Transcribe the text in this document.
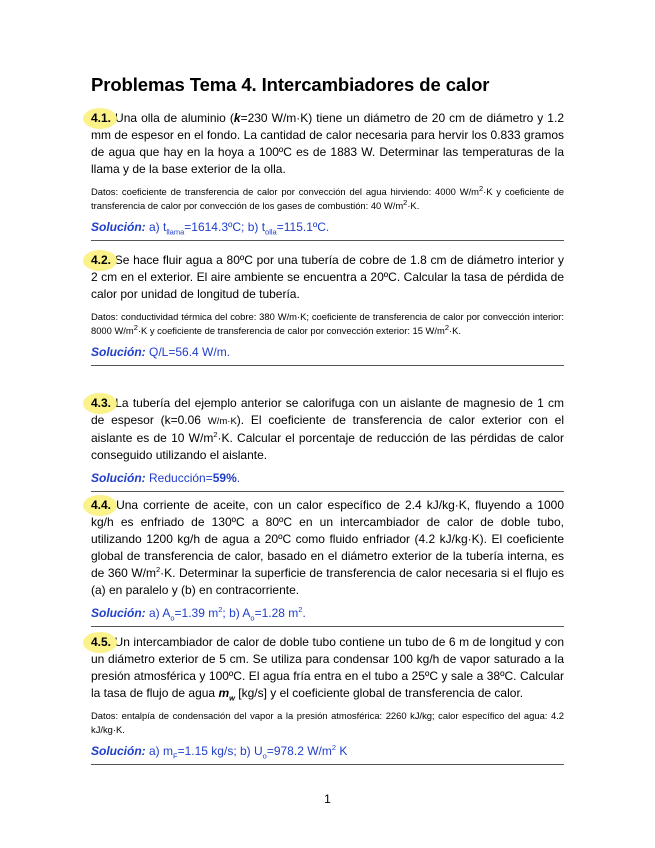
Problemas Tema 4. Intercambiadores de calor

4.1. Una olla de aluminio (k=230 W/m·K) tiene un diámetro de 20 cm de diámetro y 1.2 mm de espesor en el fondo. La cantidad de calor necesaria para hervir los 0.833 gramos de agua que hay en la hoya a 100ºC es de 1883 W. Determinar las temperaturas de la llama y de la base exterior de la olla.

Datos: coeficiente de transferencia de calor por convección del agua hirviendo: 4000 $W/m^2\cdot K$ y coeficiente de transferencia de calor por convección de los gases de combustión: 40 $W/m^2\cdot K$.

Solución: a) $t_{llama}=1614.3ºC$; b) $t_{olla}=115.1ºC$.

4.2. Se hace fluir agua a 80ºC por una tubería de cobre de 1.8 cm de diámetro interior y 2 cm en el exterior. El aire ambiente se encuentra a 20ºC. Calcular la tasa de pérdida de calor por unidad de longitud de tubería.

Datos: conductividad térmica del cobre: 380 W/m·K; coeficiente de transferencia de calor por convección interior: 8000 $W/m^2\cdot K$ y coeficiente de transferencia de calor por convección exterior: 15 $W/m^2\cdot K$.

Solución: Q/L=56.4 W/m.

4.3. La tubería del ejemplo anterior se calorifuga con un aislante de magnesio de 1 cm de espesor (k=0.06 W/m·K). El coeficiente de transferencia de calor exterior con el aislante es de 10 $W/m^2\cdot K$. Calcular el porcentaje de reducción de las pérdidas de calor conseguido utilizando el aislante.

Solución: Reducción=59%.

4.4. Una corriente de aceite, con un calor específico de 2.4 kJ/kg·K, fluyendo a 1000 kg/h es enfriado de 130ºC a 80ºC en un intercambiador de calor de doble tubo, utilizando 1200 kg/h de agua a 20ºC como fluido enfriador (4.2 kJ/kg·K). El coeficiente global de transferencia de calor, basado en el diámetro exterior de la tubería interna, es de 360 $W/m^2\cdot K$. Determinar la superficie de transferencia de calor necesaria si el flujo es (a) en paralelo y (b) en contracorriente.

Solución: a) $A_o=1.39$ $m^2$; b) $A_o=1.28$ $m^2$.

4.5. Un intercambiador de calor de doble tubo contiene un tubo de 6 m de longitud y con un diámetro exterior de 5 cm. Se utiliza para condensar 100 kg/h de vapor saturado a la presión atmosférica y 100ºC. El agua fría entra en el tubo a 25ºC y sale a 38ºC. Calcular la tasa de flujo de agua $m_w$ [kg/s] y el coeficiente global de transferencia de calor.

Datos: entalpía de condensación del vapor a la presión atmosférica: 2260 kJ/kg; calor específico del agua: 4.2 kJ/kg·K.

Solución: a) $m_F=1.15$ kg/s; b) $U_o=978.2$ $W/m^2$ K

1
